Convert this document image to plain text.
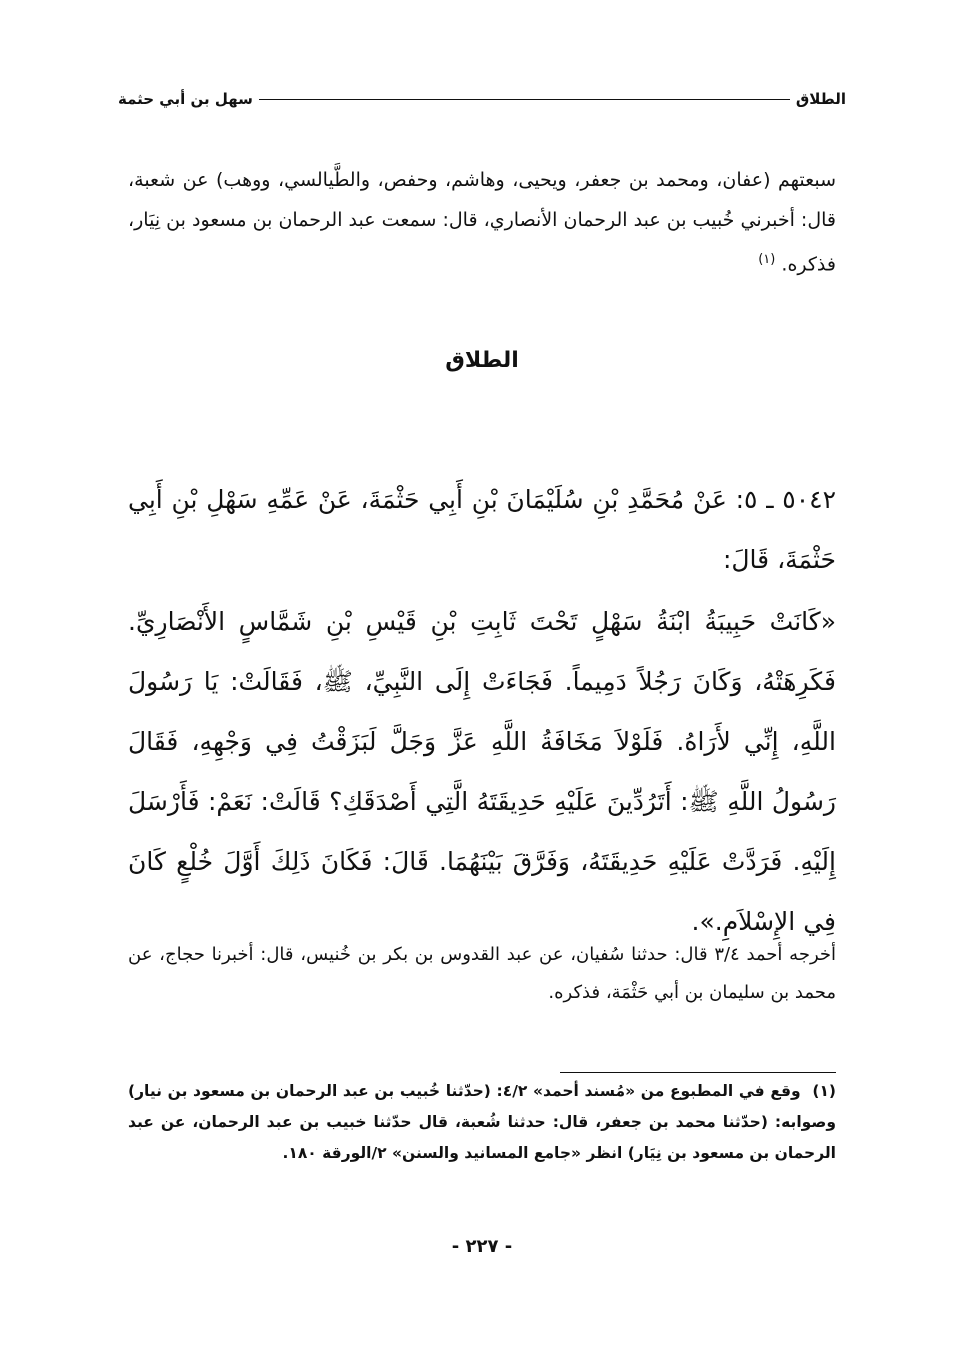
الطلاق
سهل بن أبي حثمة
سبعتهم (عفان، ومحمد بن جعفر، ويحيى، وهاشم، وحفص، والطَّيالسي، ووهب) عن شعبة، قال: أخبرني خُبيب بن عبد الرحمان الأنصاري، قال: سمعت عبد الرحمان بن مسعود بن نِيَار، فذكره. $^{(١)}$
الطلاق
٥٠٤٢ ـ ٥: عَنْ مُحَمَّدِ بْنِ سُلَيْمَانَ بْنِ أَبِي حَثْمَةَ، عَنْ عَمِّهِ سَهْلِ بْنِ أَبِي حَثْمَةَ، قَالَ:
«كَانَتْ حَبِيبَةُ ابْنَةُ سَهْلٍ تَحْتَ ثَابِتِ بْنِ قَيْسِ بْنِ شَمَّاسٍ الأَنْصَارِيِّ. فَكَرِهَتْهُ، وَكَانَ رَجُلاً دَمِيماً. فَجَاءَتْ إِلَى النَّبِيِّ، ﷺ، فَقَالَتْ: يَا رَسُولَ اللَّهِ، إِنِّي لأَرَاهُ. فَلَوْلاَ مَخَافَةُ اللَّهِ عَزَّ وَجَلَّ لَبَزَقْتُ فِي وَجْهِهِ، فَقَالَ رَسُولُ اللَّهِ ﷺ: أَتَرُدِّينَ عَلَيْهِ حَدِيقَتَهُ الَّتِي أَصْدَقَكِ؟ قَالَتْ: نَعَمْ: فَأَرْسَلَ إِلَيْهِ. فَرَدَّتْ عَلَيْهِ حَدِيقَتَهُ، وَفَرَّقَ بَيْنَهُمَا. قَالَ: فَكَانَ ذَلِكَ أَوَّلَ خُلْعٍ كَانَ فِي الإِسْلاَمِ.».
أخرجه أحمد ٣/٤ قال: حدثنا سُفيان، عن عبد القدوس بن بكر بن خُنيس، قال: أخبرنا حجاج، عن محمد بن سليمان بن أبي حَثْمَة، فذكره.
(١) وقع في المطبوع من «مُسند أحمد» ٤/٢: (حدّثنا خُبيب بن عبد الرحمان بن مسعود بن نيار) وصوابه: (حدّثنا محمد بن جعفر، قال: حدثنا شُعبة، قال حدّثنا خبيب بن عبد الرحمان، عن عبد الرحمان بن مسعود بن نِيَار) انظر «جامع المسانيد والسنن» ٢/الورقة ١٨٠.
- ٢٢٧ -
